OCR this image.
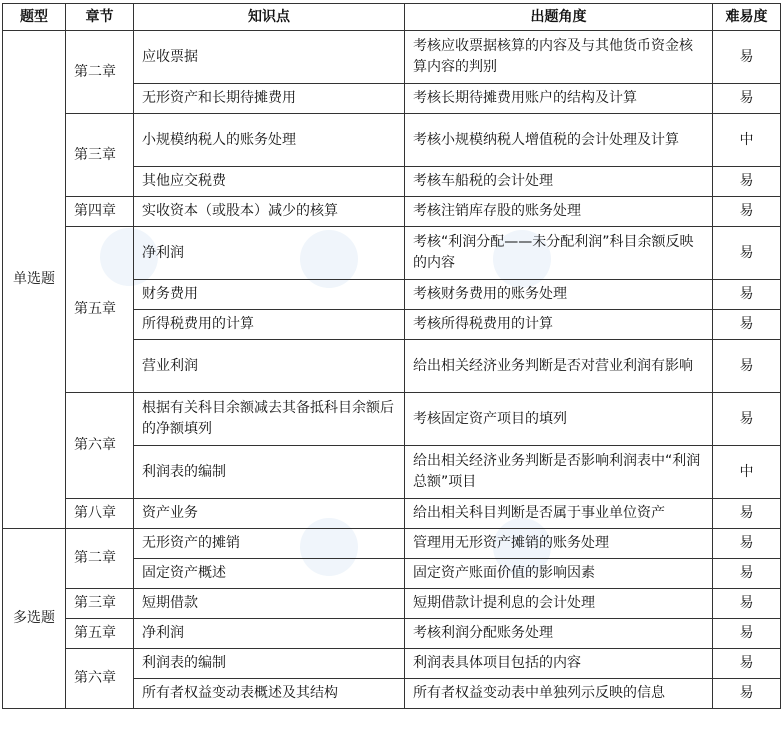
题型	章节	知识点	出题角度	难易度
单选题	第二章	应收票据	考核应收票据核算的内容及与其他货币资金核算内容的判别	易
		无形资产和长期待摊费用	考核长期待摊费用账户的结构及计算	易
	第三章	小规模纳税人的账务处理	考核小规模纳税人增值税的会计处理及计算	中
		其他应交税费	考核车船税的会计处理	易
	第四章	实收资本（或股本）减少的核算	考核注销库存股的账务处理	易
	第五章	净利润	考核“利润分配——未分配利润”科目余额反映的内容	易
		财务费用	考核财务费用的账务处理	易
		所得税费用的计算	考核所得税费用的计算	易
		营业利润	给出相关经济业务判断是否对营业利润有影响	易
	第六章	根据有关科目余额减去其备抵科目余额后的净额填列	考核固定资产项目的填列	易
		利润表的编制	给出相关经济业务判断是否影响利润表中“利润总额”项目	中
	第八章	资产业务	给出相关科目判断是否属于事业单位资产	易
多选题	第二章	无形资产的摊销	管理用无形资产摊销的账务处理	易
		固定资产概述	固定资产账面价值的影响因素	易
	第三章	短期借款	短期借款计提利息的会计处理	易
	第五章	净利润	考核利润分配账务处理	易
	第六章	利润表的编制	利润表具体项目包括的内容	易
		所有者权益变动表概述及其结构	所有者权益变动表中单独列示反映的信息	易
